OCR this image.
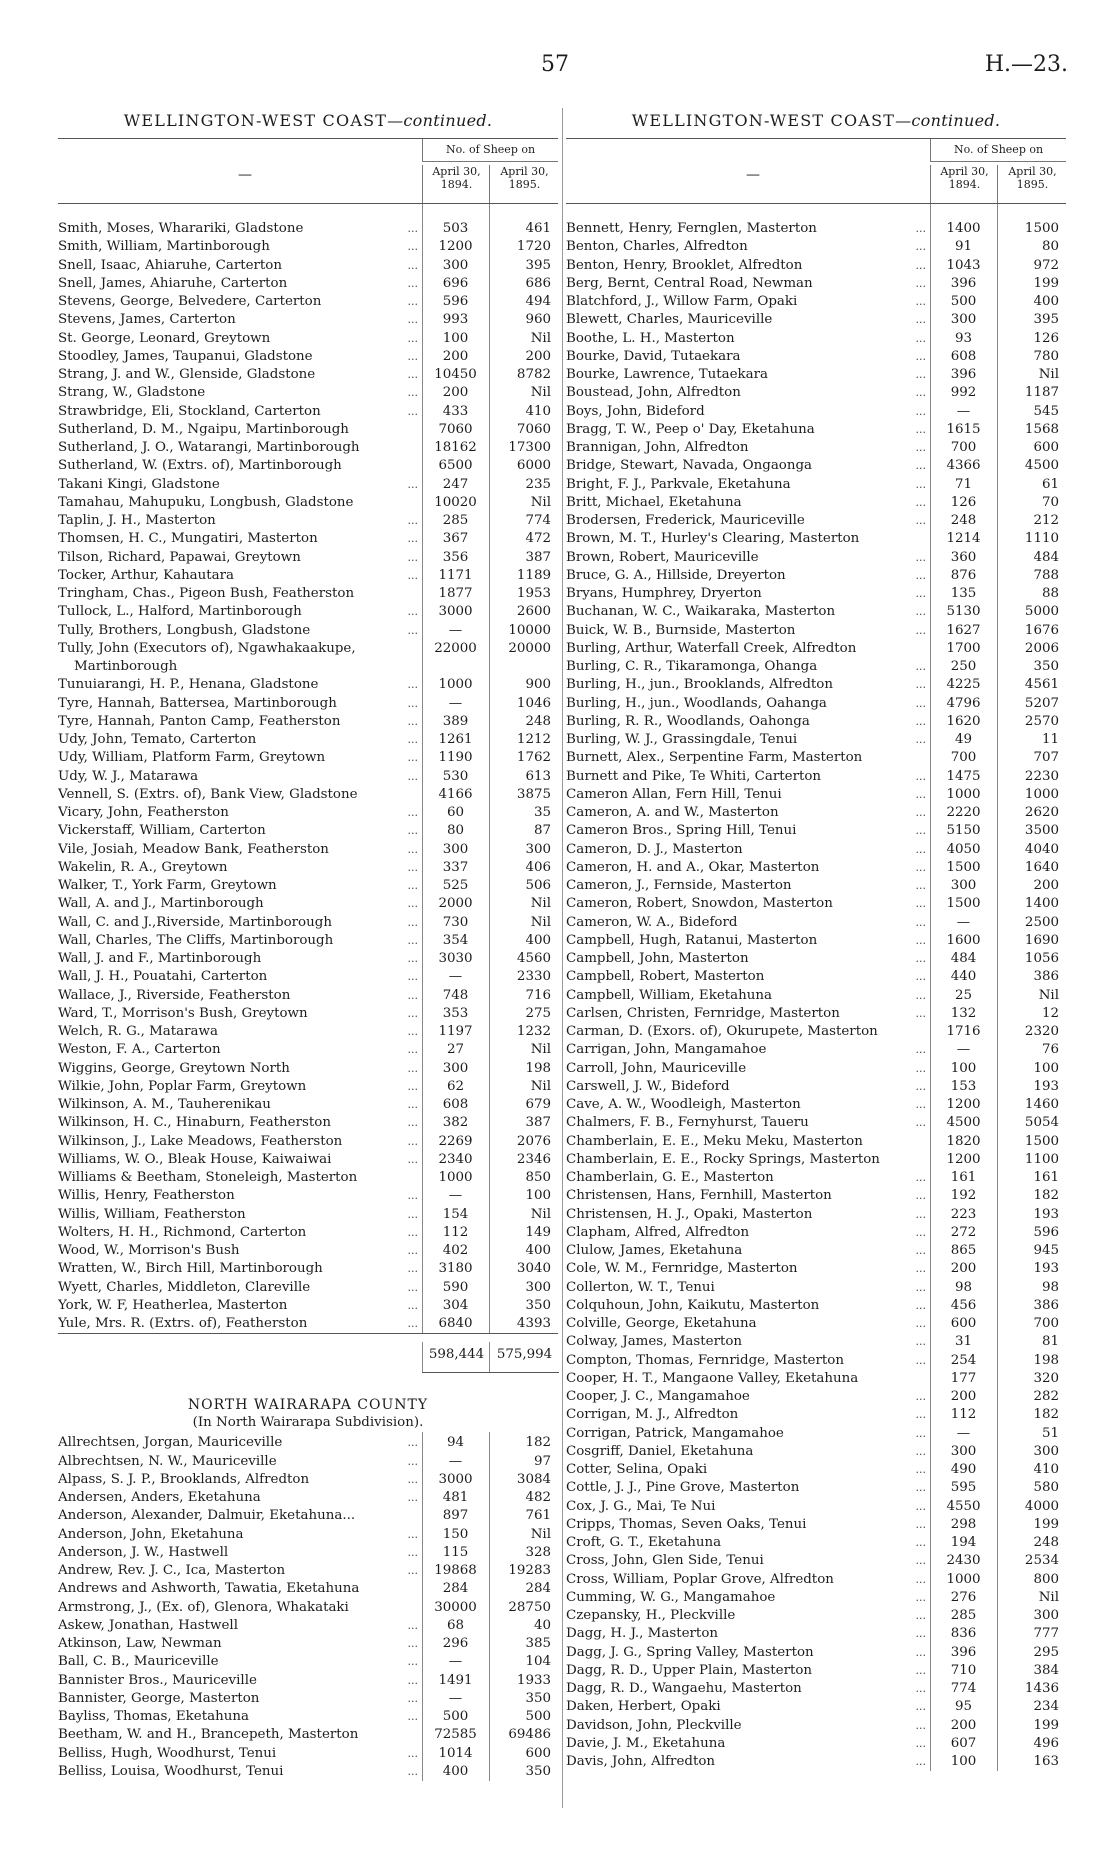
57	H.—23.
WELLINGTON-WEST COAST—continued.
—
No. of Sheep on
April 30, 1894.
April 30, 1895.
Smith, Moses, Wharariki, Gladstone	...	503	461
Smith, William, Martinborough	...	1200	1720
Snell, Isaac, Ahiaruhe, Carterton	...	300	395
Snell, James, Ahiaruhe, Carterton	...	696	686
Stevens, George, Belvedere, Carterton	...	596	494
Stevens, James, Carterton	...	993	960
St. George, Leonard, Greytown	...	100	Nil
Stoodley, James, Taupanui, Gladstone	...	200	200
Strang, J. and W., Glenside, Gladstone	...	10450	8782
Strang, W., Gladstone	...	200	Nil
Strawbridge, Eli, Stockland, Carterton	...	433	410
Sutherland, D. M., Ngaipu, Martinborough	7060	7060
Sutherland, J. O., Watarangi, Martinborough	18162	17300
Sutherland, W. (Extrs. of), Martinborough	6500	6000
Takani Kingi, Gladstone	...	247	235
Tamahau, Mahupuku, Longbush, Gladstone	10020	Nil
Taplin, J. H., Masterton	...	285	774
Thomsen, H. C., Mungatiri, Masterton	...	367	472
Tilson, Richard, Papawai, Greytown	...	356	387
Tocker, Arthur, Kahautara	...	1171	1189
Tringham, Chas., Pigeon Bush, Featherston	1877	1953
Tullock, L., Halford, Martinborough	...	3000	2600
Tully, Brothers, Longbush, Gladstone	...	—	10000
Tully, John (Executors of), Ngawhakaakupe,	22000	20000
Martinborough
Tunuiarangi, H. P., Henana, Gladstone	...	1000	900
Tyre, Hannah, Battersea, Martinborough	...	—	1046
Tyre, Hannah, Panton Camp, Featherston	...	389	248
Udy, John, Temato, Carterton	...	1261	1212
Udy, William, Platform Farm, Greytown	...	1190	1762
Udy, W. J., Matarawa	...	530	613
Vennell, S. (Extrs. of), Bank View, Gladstone	4166	3875
Vicary, John, Featherston	...	60	35
Vickerstaff, William, Carterton	...	80	87
Vile, Josiah, Meadow Bank, Featherston	...	300	300
Wakelin, R. A., Greytown	...	337	406
Walker, T., York Farm, Greytown	...	525	506
Wall, A. and J., Martinborough	...	2000	Nil
Wall, C. and J.,Riverside, Martinborough	...	730	Nil
Wall, Charles, The Cliffs, Martinborough	...	354	400
Wall, J. and F., Martinborough	...	3030	4560
Wall, J. H., Pouatahi, Carterton	...	—	2330
Wallace, J., Riverside, Featherston	...	748	716
Ward, T., Morrison's Bush, Greytown	...	353	275
Welch, R. G., Matarawa	...	1197	1232
Weston, F. A., Carterton	...	27	Nil
Wiggins, George, Greytown North	...	300	198
Wilkie, John, Poplar Farm, Greytown	...	62	Nil
Wilkinson, A. M., Tauherenikau	...	608	679
Wilkinson, H. C., Hinaburn, Featherston	...	382	387
Wilkinson, J., Lake Meadows, Featherston	...	2269	2076
Williams, W. O., Bleak House, Kaiwaiwai	...	2340	2346
Williams & Beetham, Stoneleigh, Masterton	1000	850
Willis, Henry, Featherston	...	—	100
Willis, William, Featherston	...	154	Nil
Wolters, H. H., Richmond, Carterton	...	112	149
Wood, W., Morrison's Bush	...	402	400
Wratten, W., Birch Hill, Martinborough	...	3180	3040
Wyett, Charles, Middleton, Clareville	...	590	300
York, W. F, Heatherlea, Masterton	...	304	350
Yule, Mrs. R. (Extrs. of), Featherston	...	6840	4393
598,444 575,994
NORTH WAIRARAPA COUNTY
(In North Wairarapa Subdivision).
Allrechtsen, Jorgan, Mauriceville	...	94	182
Albrechtsen, N. W., Mauriceville	...	—	97
Alpass, S. J. P., Brooklands, Alfredton	...	3000	3084
Andersen, Anders, Eketahuna	...	481	482
Anderson, Alexander, Dalmuir, Eketahuna...	897	761
Anderson, John, Eketahuna	...	150	Nil
Anderson, J. W., Hastwell	...	115	328
Andrew, Rev. J. C., Ica, Masterton	...	19868	19283
Andrews and Ashworth, Tawatia, Eketahuna	284	284
Armstrong, J., (Ex. of), Glenora, Whakataki	30000	28750
Askew, Jonathan, Hastwell	...	68	40
Atkinson, Law, Newman	...	296	385
Ball, C. B., Mauriceville	...	—	104
Bannister Bros., Mauriceville	...	1491	1933
Bannister, George, Masterton	...	—	350
Bayliss, Thomas, Eketahuna	...	500	500
Beetham, W. and H., Brancepeth, Masterton	72585	69486
Belliss, Hugh, Woodhurst, Tenui	...	1014	600
Belliss, Louisa, Woodhurst, Tenui	...	400	350
WELLINGTON-WEST COAST—continued.
—
No. of Sheep on
April 30, 1894.
April 30, 1895.
Bennett, Henry, Fernglen, Masterton	...	1400	1500
Benton, Charles, Alfredton	...	91	80
Benton, Henry, Brooklet, Alfredton	...	1043	972
Berg, Bernt, Central Road, Newman	...	396	199
Blatchford, J., Willow Farm, Opaki	...	500	400
Blewett, Charles, Mauriceville	...	300	395
Boothe, L. H., Masterton	...	93	126
Bourke, David, Tutaekara	...	608	780
Bourke, Lawrence, Tutaekara	...	396	Nil
Boustead, John, Alfredton	...	992	1187
Boys, John, Bideford	...	—	545
Bragg, T. W., Peep o' Day, Eketahuna	...	1615	1568
Brannigan, John, Alfredton	...	700	600
Bridge, Stewart, Navada, Ongaonga	...	4366	4500
Bright, F. J., Parkvale, Eketahuna	...	71	61
Britt, Michael, Eketahuna	...	126	70
Brodersen, Frederick, Mauriceville	...	248	212
Brown, M. T., Hurley's Clearing, Masterton	1214	1110
Brown, Robert, Mauriceville	...	360	484
Bruce, G. A., Hillside, Dreyerton	...	876	788
Bryans, Humphrey, Dryerton	...	135	88
Buchanan, W. C., Waikaraka, Masterton	...	5130	5000
Buick, W. B., Burnside, Masterton	...	1627	1676
Burling, Arthur, Waterfall Creek, Alfredton	1700	2006
Burling, C. R., Tikaramonga, Ohanga	...	250	350
Burling, H., jun., Brooklands, Alfredton	...	4225	4561
Burling, H., jun., Woodlands, Oahanga	...	4796	5207
Burling, R. R., Woodlands, Oahonga	...	1620	2570
Burling, W. J., Grassingdale, Tenui	...	49	11
Burnett, Alex., Serpentine Farm, Masterton	700	707
Burnett and Pike, Te Whiti, Carterton	...	1475	2230
Cameron Allan, Fern Hill, Tenui	...	1000	1000
Cameron, A. and W., Masterton	...	2220	2620
Cameron Bros., Spring Hill, Tenui	...	5150	3500
Cameron, D. J., Masterton	...	4050	4040
Cameron, H. and A., Okar, Masterton	...	1500	1640
Cameron, J., Fernside, Masterton	...	300	200
Cameron, Robert, Snowdon, Masterton	...	1500	1400
Cameron, W. A., Bideford	...	—	2500
Campbell, Hugh, Ratanui, Masterton	...	1600	1690
Campbell, John, Masterton	...	484	1056
Campbell, Robert, Masterton	...	440	386
Campbell, William, Eketahuna	...	25	Nil
Carlsen, Christen, Fernridge, Masterton	...	132	12
Carman, D. (Exors. of), Okurupete, Masterton	1716	2320
Carrigan, John, Mangamahoe	...	—	76
Carroll, John, Mauriceville	...	100	100
Carswell, J. W., Bideford	...	153	193
Cave, A. W., Woodleigh, Masterton	...	1200	1460
Chalmers, F. B., Fernyhurst, Taueru	...	4500	5054
Chamberlain, E. E., Meku Meku, Masterton	1820	1500
Chamberlain, E. E., Rocky Springs, Masterton	1200	1100
Chamberlain, G. E., Masterton	...	161	161
Christensen, Hans, Fernhill, Masterton	...	192	182
Christensen, H. J., Opaki, Masterton	...	223	193
Clapham, Alfred, Alfredton	...	272	596
Clulow, James, Eketahuna	...	865	945
Cole, W. M., Fernridge, Masterton	...	200	193
Collerton, W. T., Tenui	...	98	98
Colquhoun, John, Kaikutu, Masterton	...	456	386
Colville, George, Eketahuna	...	600	700
Colway, James, Masterton	...	31	81
Compton, Thomas, Fernridge, Masterton	...	254	198
Cooper, H. T., Mangaone Valley, Eketahuna	177	320
Cooper, J. C., Mangamahoe	...	200	282
Corrigan, M. J., Alfredton	...	112	182
Corrigan, Patrick, Mangamahoe	...	—	51
Cosgriff, Daniel, Eketahuna	...	300	300
Cotter, Selina, Opaki	...	490	410
Cottle, J. J., Pine Grove, Masterton	...	595	580
Cox, J. G., Mai, Te Nui	...	4550	4000
Cripps, Thomas, Seven Oaks, Tenui	...	298	199
Croft, G. T., Eketahuna	...	194	248
Cross, John, Glen Side, Tenui	...	2430	2534
Cross, William, Poplar Grove, Alfredton	...	1000	800
Cumming, W. G., Mangamahoe	...	276	Nil
Czepansky, H., Pleckville	...	285	300
Dagg, H. J., Masterton	...	836	777
Dagg, J. G., Spring Valley, Masterton	...	396	295
Dagg, R. D., Upper Plain, Masterton	...	710	384
Dagg, R. D., Wangaehu, Masterton	...	774	1436
Daken, Herbert, Opaki	...	95	234
Davidson, John, Pleckville	...	200	199
Davie, J. M., Eketahuna	...	607	496
Davis, John, Alfredton	...	100	163
